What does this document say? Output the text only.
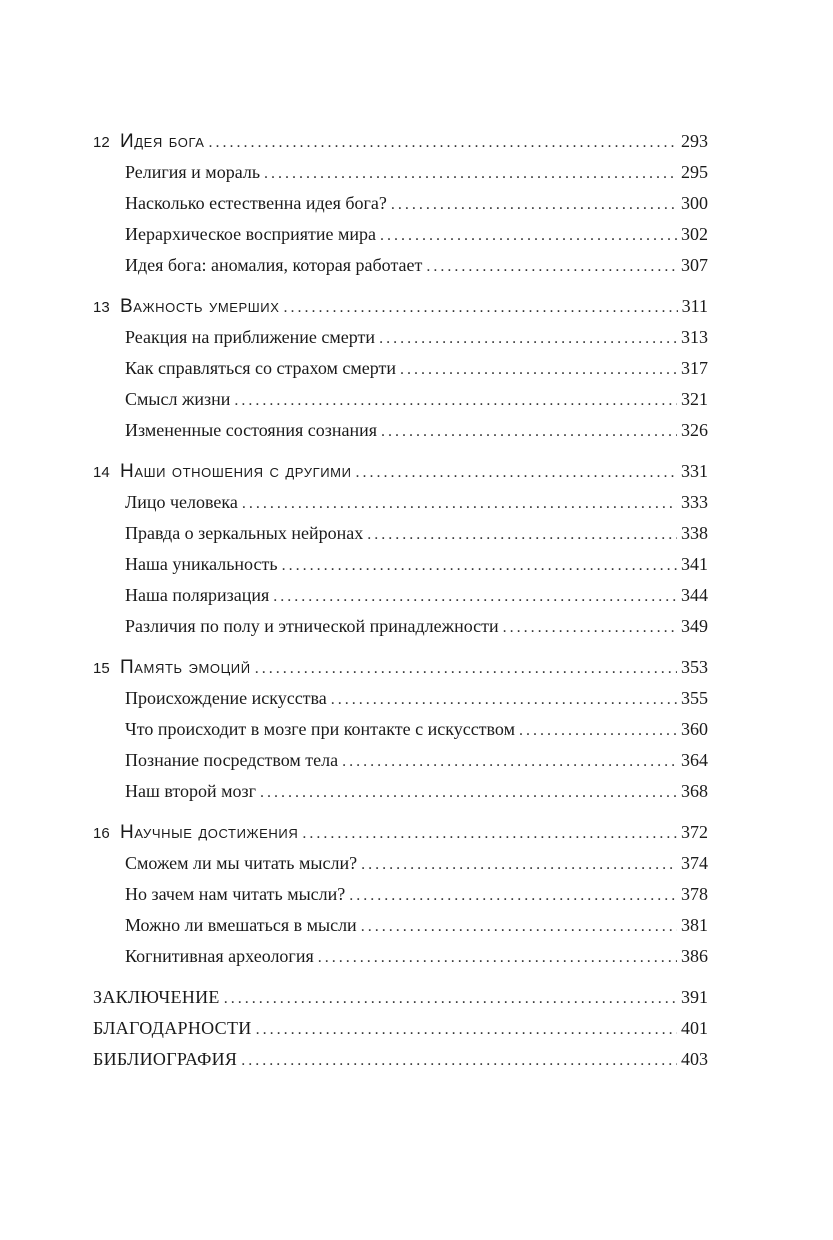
12 Идея бога .....	293
Религия и мораль .....	295
Насколько естественна идея бога? .....	300
Иерархическое восприятие мира .....	302
Идея бога: аномалия, которая работает .....	307
13 Важность умерших .....	311
Реакция на приближение смерти .....	313
Как справляться со страхом смерти .....	317
Смысл жизни .....	321
Измененные состояния сознания .....	326
14 Наши отношения с другими .....	331
Лицо человека .....	333
Правда о зеркальных нейронах .....	338
Наша уникальность .....	341
Наша поляризация .....	344
Различия по полу и этнической принадлежности .....	349
15 Память эмоций .....	353
Происхождение искусства .....	355
Что происходит в мозге при контакте с искусством .....	360
Познание посредством тела .....	364
Наш второй мозг .....	368
16 Научные достижения .....	372
Сможем ли мы читать мысли? .....	374
Но зачем нам читать мысли? .....	378
Можно ли вмешаться в мысли .....	381
Когнитивная археология .....	386
ЗАКЛЮЧЕНИЕ .....	391
БЛАГОДАРНОСТИ .....	401
БИБЛИОГРАФИЯ .....	403
